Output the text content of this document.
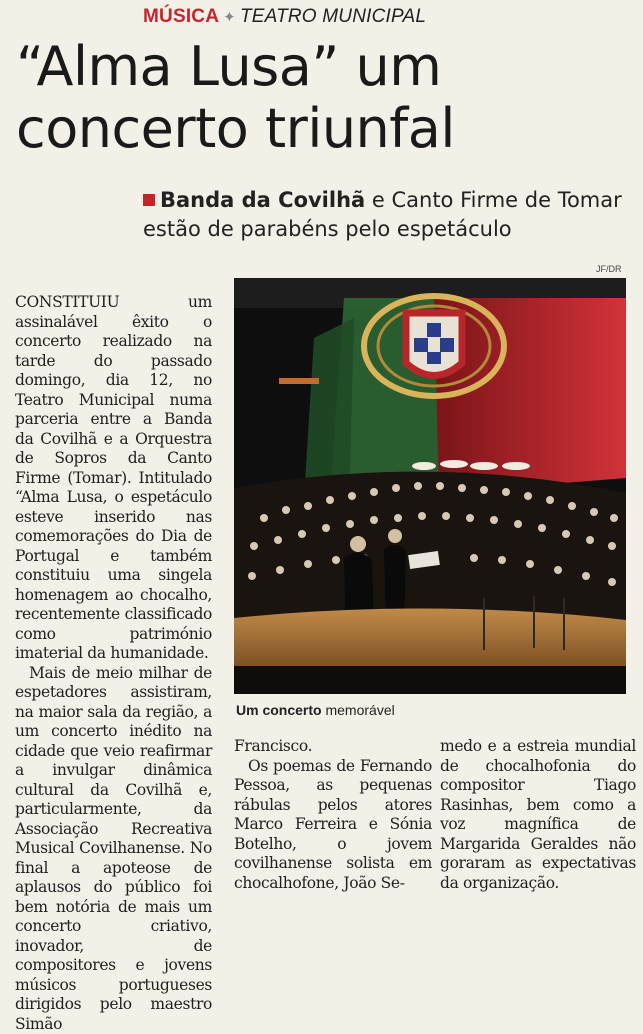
MÚSICA ✦ TEATRO MUNICIPAL
“Alma Lusa” um
concerto triunfal

Banda da Covilhã e Canto Firme de Tomar estão de parabéns pelo espetáculo

JF/DR
Um concerto memorável

CONSTITUIU um assinalável êxito o concerto realizado na tarde do passado domingo, dia 12, no Teatro Municipal numa parceria entre a Banda da Covilhã e a Orquestra de Sopros da Canto Firme (Tomar). Intitulado “Alma Lusa, o espetáculo esteve inserido nas comemorações do Dia de Portugal e também constituiu uma singela homenagem ao chocalho, recentemente classificado como património imaterial da humanidade.

Mais de meio milhar de espetadores assistiram, na maior sala da região, a um concerto inédito na cidade que veio reafirmar a invulgar dinâmica cultural da Covilhã e, particularmente, da Associação Recreativa Musical Covilhanense. No final a apoteose de aplausos do público foi bem notória de mais um concerto criativo, inovador, de compositores e jovens músicos portugueses dirigidos pelo maestro Simão

Francisco.

Os poemas de Fernando Pessoa, as pequenas rábulas pelos atores Marco Ferreira e Sónia Botelho, o jovem covilhanense solista em chocalhofone, João Se-

medo e a estreia mundial de chocalhofonia do compositor Tiago Rasinhas, bem como a voz magnífica de Margarida Geraldes não goraram as expectativas da organização.
